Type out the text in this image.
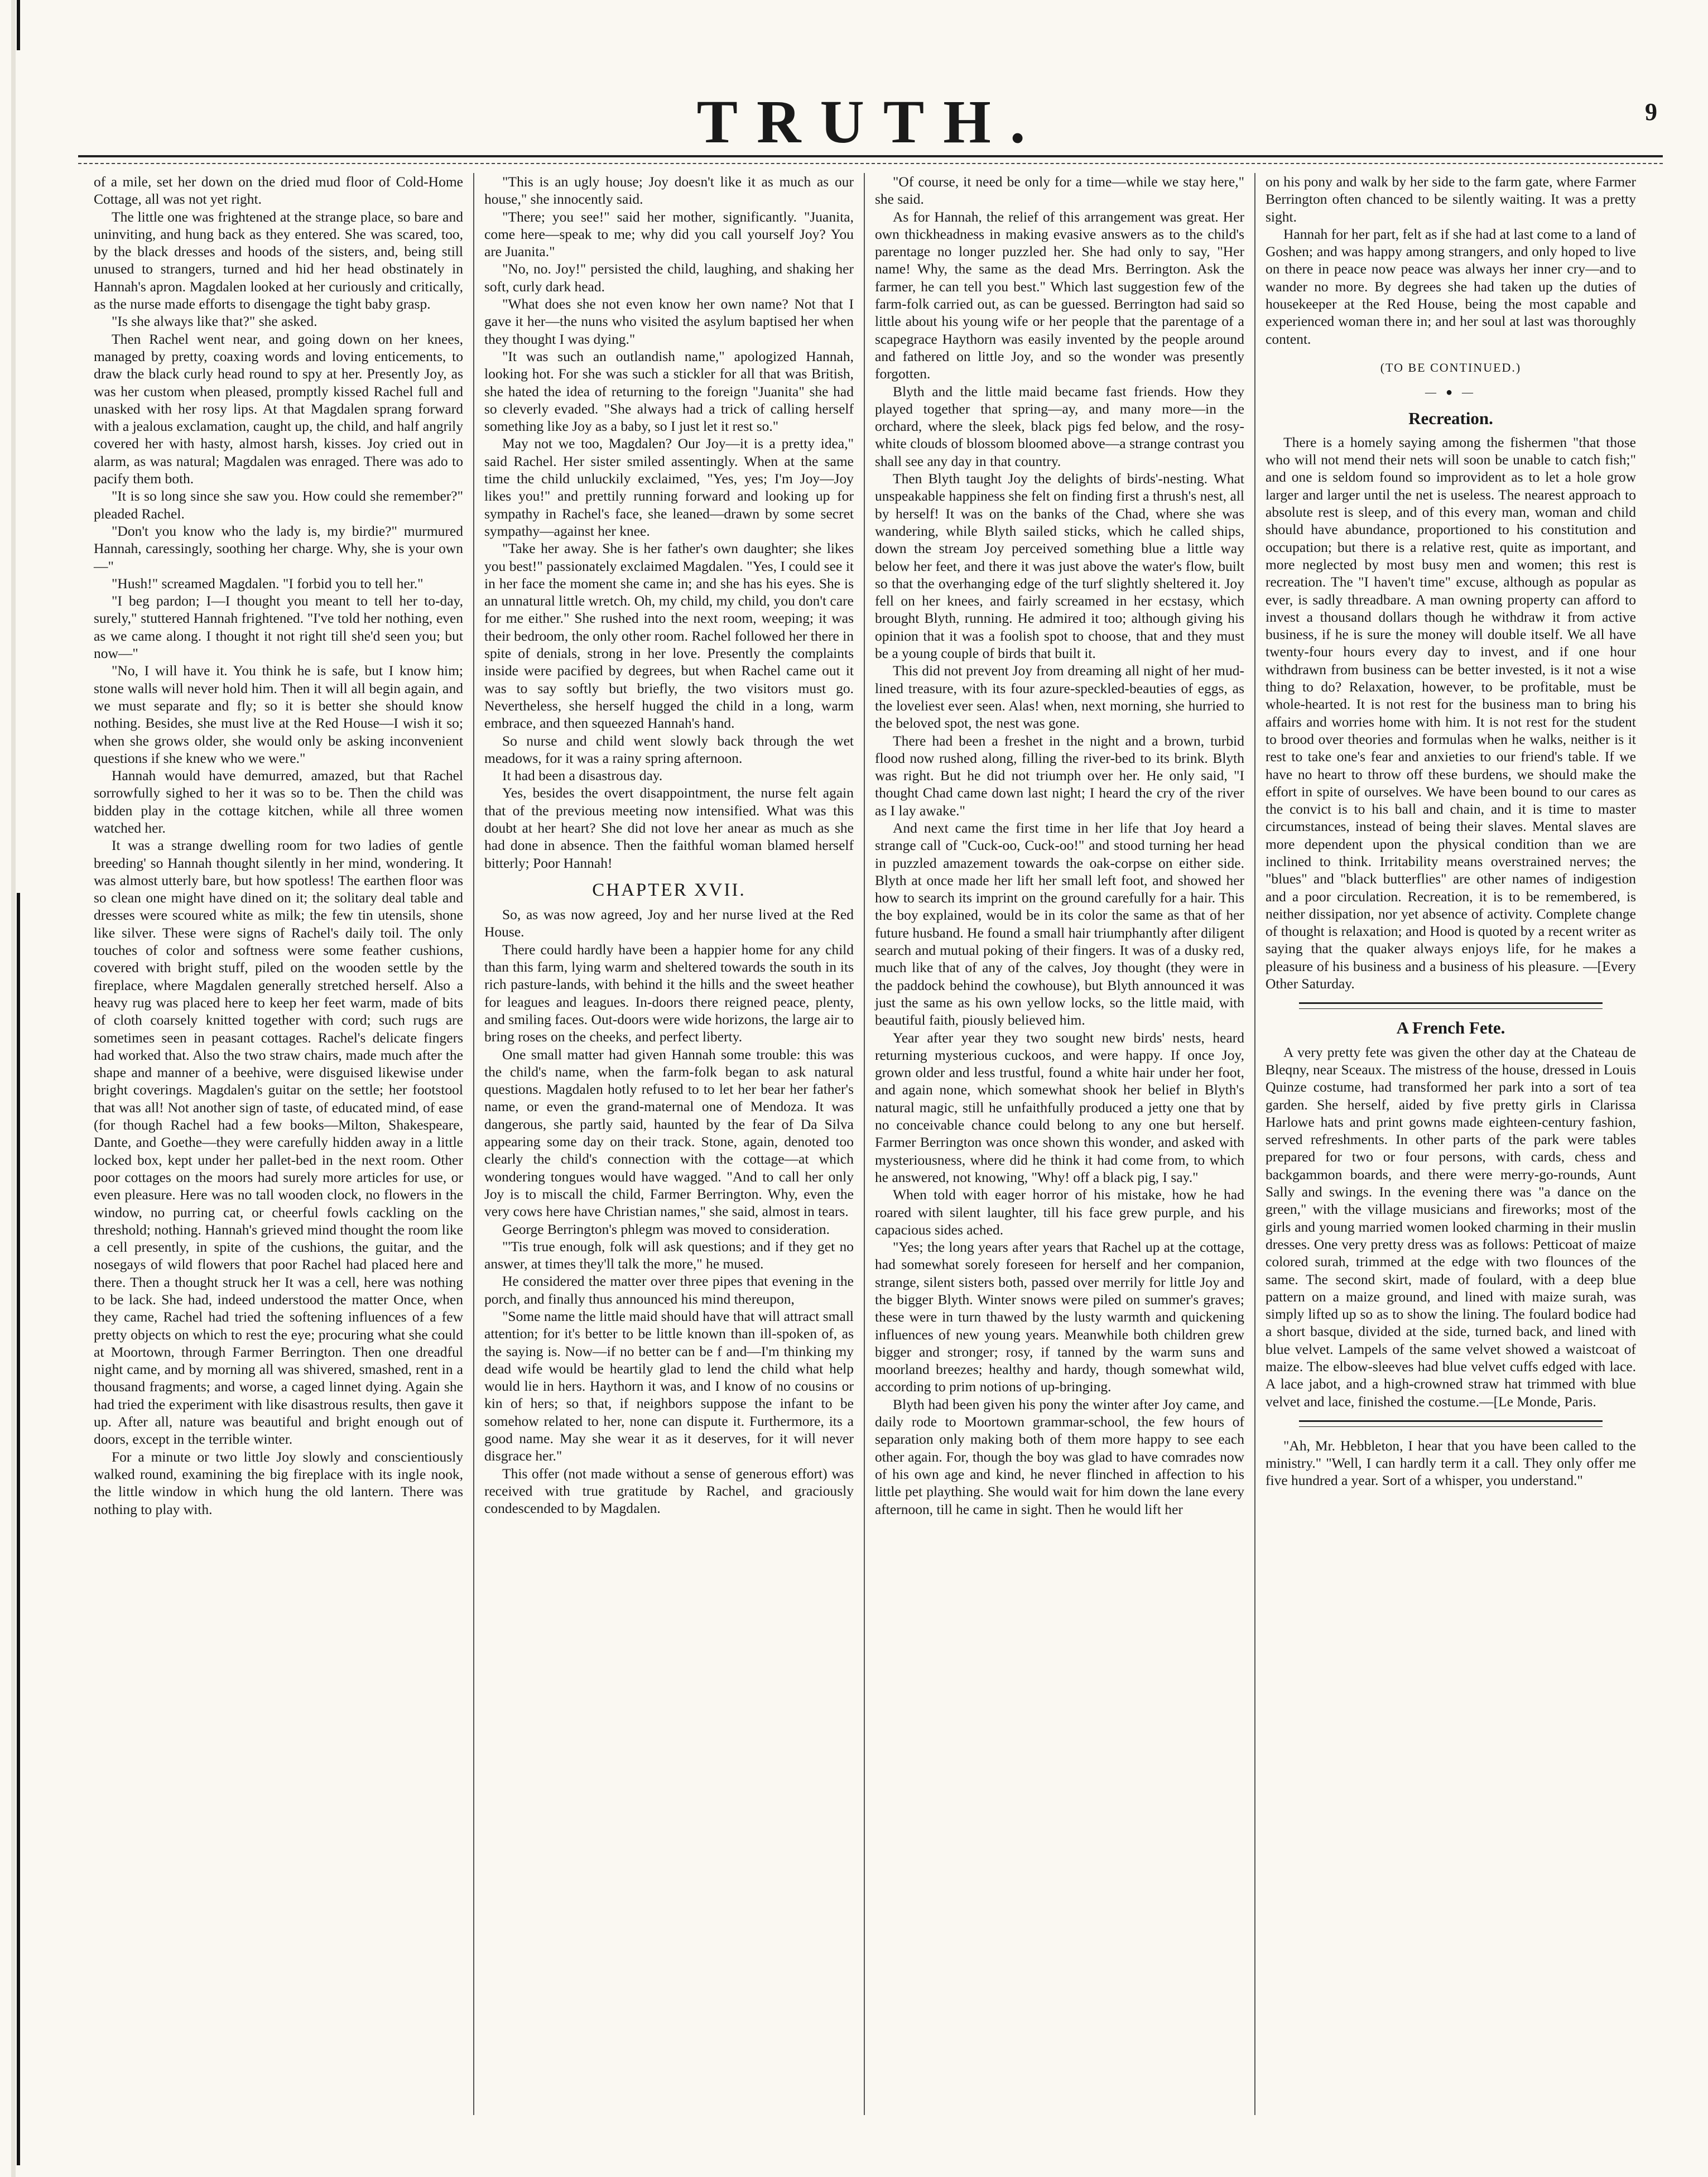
TRUTH.	9

of a mile, set her down on the dried mud floor of Cold-Home Cottage, all was not yet right.

The little one was frightened at the strange place, so bare and uninviting, and hung back as they entered. She was scared, too, by the black dresses and hoods of the sisters, and, being still unused to strangers, turned and hid her head obstinately in Hannah's apron. Magdalen looked at her curiously and critically, as the nurse made efforts to disengage the tight baby grasp.

"Is she always like that?" she asked.

Then Rachel went near, and going down on her knees, managed by pretty, coaxing words and loving enticements, to draw the black curly head round to spy at her. Presently Joy, as was her custom when pleased, promptly kissed Rachel full and unasked with her rosy lips. At that Magdalen sprang forward with a jealous exclamation, caught up, the child, and half angrily covered her with hasty, almost harsh, kisses. Joy cried out in alarm, as was natural; Magdalen was enraged. There was ado to pacify them both.

"It is so long since she saw you. How could she remember?" pleaded Rachel.

"Don't you know who the lady is, my birdie?" murmured Hannah, caressingly, soothing her charge. Why, she is your own—"

"Hush!" screamed Magdalen. "I forbid you to tell her."

"I beg pardon; I—I thought you meant to tell her to-day, surely," stuttered Hannah frightened. "I've told her nothing, even as we came along. I thought it not right till she'd seen you; but now—"

"No, I will have it. You think he is safe, but I know him; stone walls will never hold him. Then it will all begin again, and we must separate and fly; so it is better she should know nothing. Besides, she must live at the Red House—I wish it so; when she grows older, she would only be asking inconvenient questions if she knew who we were."

Hannah would have demurred, amazed, but that Rachel sorrowfully sighed to her it was so to be. Then the child was bidden play in the cottage kitchen, while all three women watched her.

It was a strange dwelling room for two ladies of gentle breeding' so Hannah thought silently in her mind, wondering. It was almost utterly bare, but how spotless! The earthen floor was so clean one might have dined on it; the solitary deal table and dresses were scoured white as milk; the few tin utensils, shone like silver. These were signs of Rachel's daily toil. The only touches of color and softness were some feather cushions, covered with bright stuff, piled on the wooden settle by the fireplace, where Magdalen generally stretched herself. Also a heavy rug was placed here to keep her feet warm, made of bits of cloth coarsely knitted together with cord; such rugs are sometimes seen in peasant cottages. Rachel's delicate fingers had worked that. Also the two straw chairs, made much after the shape and manner of a beehive, were disguised likewise under bright coverings. Magdalen's guitar on the settle; her footstool that was all! Not another sign of taste, of educated mind, of ease (for though Rachel had a few books—Milton, Shakespeare, Dante, and Goethe—they were carefully hidden away in a little locked box, kept under her pallet-bed in the next room. Other poor cottages on the moors had surely more articles for use, or even pleasure. Here was no tall wooden clock, no flowers in the window, no purring cat, or cheerful fowls cackling on the threshold; nothing. Hannah's grieved mind thought the room like a cell presently, in spite of the cushions, the guitar, and the nosegays of wild flowers that poor Rachel had placed here and there. Then a thought struck her It was a cell, here was nothing to be lack. She had, indeed understood the matter Once, when they came, Rachel had tried the softening influences of a few pretty objects on which to rest the eye; procuring what she could at Moortown, through Farmer Berrington. Then one dreadful night came, and by morning all was shivered, smashed, rent in a thousand fragments; and worse, a caged linnet dying. Again she had tried the experiment with like disastrous results, then gave it up. After all, nature was beautiful and bright enough out of doors, except in the terrible winter.

For a minute or two little Joy slowly and conscientiously walked round, examining the big fireplace with its ingle nook, the little window in which hung the old lantern. There was nothing to play with.

"This is an ugly house; Joy doesn't like it as much as our house," she innocently said.

"There; you see!" said her mother, significantly. "Juanita, come here—speak to me; why did you call yourself Joy? You are Juanita."

"No, no. Joy!" persisted the child, laughing, and shaking her soft, curly dark head.

"What does she not even know her own name? Not that I gave it her—the nuns who visited the asylum baptised her when they thought I was dying."

"It was such an outlandish name," apologized Hannah, looking hot. For she was such a stickler for all that was British, she hated the idea of returning to the foreign "Juanita" she had so cleverly evaded. "She always had a trick of calling herself something like Joy as a baby, so I just let it rest so."

May not we too, Magdalen? Our Joy—it is a pretty idea," said Rachel. Her sister smiled assentingly. When at the same time the child unluckily exclaimed, "Yes, yes; I'm Joy—Joy likes you!" and prettily running forward and looking up for sympathy in Rachel's face, she leaned—drawn by some secret sympathy—against her knee.

"Take her away. She is her father's own daughter; she likes you best!" passionately exclaimed Magdalen. "Yes, I could see it in her face the moment she came in; and she has his eyes. She is an unnatural little wretch. Oh, my child, my child, you don't care for me either." She rushed into the next room, weeping; it was their bedroom, the only other room. Rachel followed her there in spite of denials, strong in her love. Presently the complaints inside were pacified by degrees, but when Rachel came out it was to say softly but briefly, the two visitors must go. Nevertheless, she herself hugged the child in a long, warm embrace, and then squeezed Hannah's hand.

So nurse and child went slowly back through the wet meadows, for it was a rainy spring afternoon.

It had been a disastrous day.

Yes, besides the overt disappointment, the nurse felt again that of the previous meeting now intensified. What was this doubt at her heart? She did not love her anear as much as she had done in absence. Then the faithful woman blamed herself bitterly; Poor Hannah!

CHAPTER XVII.

So, as was now agreed, Joy and her nurse lived at the Red House.

There could hardly have been a happier home for any child than this farm, lying warm and sheltered towards the south in its rich pasture-lands, with behind it the hills and the sweet heather for leagues and leagues. In-doors there reigned peace, plenty, and smiling faces. Out-doors were wide horizons, the large air to bring roses on the cheeks, and perfect liberty.

One small matter had given Hannah some trouble: this was the child's name, when the farm-folk began to ask natural questions. Magdalen hotly refused to to let her bear her father's name, or even the grand-maternal one of Mendoza. It was dangerous, she partly said, haunted by the fear of Da Silva appearing some day on their track. Stone, again, denoted too clearly the child's connection with the cottage—at which wondering tongues would have wagged. "And to call her only Joy is to miscall the child, Farmer Berrington. Why, even the very cows here have Christian names," she said, almost in tears.

George Berrington's phlegm was moved to consideration.

"'Tis true enough, folk will ask questions; and if they get no answer, at times they'll talk the more," he mused.

He considered the matter over three pipes that evening in the porch, and finally thus announced his mind thereupon,

"Some name the little maid should have that will attract small attention; for it's better to be little known than ill-spoken of, as the saying is. Now—if no better can be f and—I'm thinking my dead wife would be heartily glad to lend the child what help would lie in hers. Haythorn it was, and I know of no cousins or kin of hers; so that, if neighbors suppose the infant to be somehow related to her, none can dispute it. Furthermore, its a good name. May she wear it as it deserves, for it will never disgrace her."

This offer (not made without a sense of generous effort) was received with true gratitude by Rachel, and graciously condescended to by Magdalen.

"Of course, it need be only for a time—while we stay here," she said.

As for Hannah, the relief of this arrangement was great. Her own thickheadness in making evasive answers as to the child's parentage no longer puzzled her. She had only to say, "Her name! Why, the same as the dead Mrs. Berrington. Ask the farmer, he can tell you best." Which last suggestion few of the farm-folk carried out, as can be guessed. Berrington had said so little about his young wife or her people that the parentage of a scapegrace Haythorn was easily invented by the people around and fathered on little Joy, and so the wonder was presently forgotten.

Blyth and the little maid became fast friends. How they played together that spring—ay, and many more—in the orchard, where the sleek, black pigs fed below, and the rosy-white clouds of blossom bloomed above—a strange contrast you shall see any day in that country.

Then Blyth taught Joy the delights of birds'-nesting. What unspeakable happiness she felt on finding first a thrush's nest, all by herself! It was on the banks of the Chad, where she was wandering, while Blyth sailed sticks, which he called ships, down the stream Joy perceived something blue a little way below her feet, and there it was just above the water's flow, built so that the overhanging edge of the turf slightly sheltered it. Joy fell on her knees, and fairly screamed in her ecstasy, which brought Blyth, running. He admired it too; although giving his opinion that it was a foolish spot to choose, that and they must be a young couple of birds that built it.

This did not prevent Joy from dreaming all night of her mud-lined treasure, with its four azure-speckled-beauties of eggs, as the loveliest ever seen. Alas! when, next morning, she hurried to the beloved spot, the nest was gone.

There had been a freshet in the night and a brown, turbid flood now rushed along, filling the river-bed to its brink. Blyth was right. But he did not triumph over her. He only said, "I thought Chad came down last night; I heard the cry of the river as I lay awake."

And next came the first time in her life that Joy heard a strange call of "Cuck-oo, Cuck-oo!" and stood turning her head in puzzled amazement towards the oak-corpse on either side. Blyth at once made her lift her small left foot, and showed her how to search its imprint on the ground carefully for a hair. This the boy explained, would be in its color the same as that of her future husband. He found a small hair triumphantly after diligent search and mutual poking of their fingers. It was of a dusky red, much like that of any of the calves, Joy thought (they were in the paddock behind the cowhouse), but Blyth announced it was just the same as his own yellow locks, so the little maid, with beautiful faith, piously believed him.

Year after year they two sought new birds' nests, heard returning mysterious cuckoos, and were happy. If once Joy, grown older and less trustful, found a white hair under her foot, and again none, which somewhat shook her belief in Blyth's natural magic, still he unfaithfully produced a jetty one that by no conceivable chance could belong to any one but herself. Farmer Berrington was once shown this wonder, and asked with mysteriousness, where did he think it had come from, to which he answered, not knowing, "Why! off a black pig, I say."

When told with eager horror of his mistake, how he had roared with silent laughter, till his face grew purple, and his capacious sides ached.

"Yes; the long years after years that Rachel up at the cottage, had somewhat sorely foreseen for herself and her companion, strange, silent sisters both, passed over merrily for little Joy and the bigger Blyth. Winter snows were piled on summer's graves; these were in turn thawed by the lusty warmth and quickening influences of new young years. Meanwhile both children grew bigger and stronger; rosy, if tanned by the warm suns and moorland breezes; healthy and hardy, though somewhat wild, according to prim notions of up-bringing.

Blyth had been given his pony the winter after Joy came, and daily rode to Moortown grammar-school, the few hours of separation only making both of them more happy to see each other again. For, though the boy was glad to have comrades now of his own age and kind, he never flinched in affection to his little pet plaything. She would wait for him down the lane every afternoon, till he came in sight. Then he would lift her

on his pony and walk by her side to the farm gate, where Farmer Berrington often chanced to be silently waiting. It was a pretty sight.

Hannah for her part, felt as if she had at last come to a land of Goshen; and was happy among strangers, and only hoped to live on there in peace now peace was always her inner cry—and to wander no more. By degrees she had taken up the duties of housekeeper at the Red House, being the most capable and experienced woman there in; and her soul at last was thoroughly content.

(TO BE CONTINUED.)
— ● —
Recreation.

There is a homely saying among the fishermen "that those who will not mend their nets will soon be unable to catch fish;" and one is seldom found so improvident as to let a hole grow larger and larger until the net is useless. The nearest approach to absolute rest is sleep, and of this every man, woman and child should have abundance, proportioned to his constitution and occupation; but there is a relative rest, quite as important, and more neglected by most busy men and women; this rest is recreation. The "I haven't time" excuse, although as popular as ever, is sadly threadbare. A man owning property can afford to invest a thousand dollars though he withdraw it from active business, if he is sure the money will double itself. We all have twenty-four hours every day to invest, and if one hour withdrawn from business can be better invested, is it not a wise thing to do? Relaxation, however, to be profitable, must be whole-hearted. It is not rest for the business man to bring his affairs and worries home with him. It is not rest for the student to brood over theories and formulas when he walks, neither is it rest to take one's fear and anxieties to our friend's table. If we have no heart to throw off these burdens, we should make the effort in spite of ourselves. We have been bound to our cares as the convict is to his ball and chain, and it is time to master circumstances, instead of being their slaves. Mental slaves are more dependent upon the physical condition than we are inclined to think. Irritability means overstrained nerves; the "blues" and "black butterflies" are other names of indigestion and a poor circulation. Recreation, it is to be remembered, is neither dissipation, nor yet absence of activity. Complete change of thought is relaxation; and Hood is quoted by a recent writer as saying that the quaker always enjoys life, for he makes a pleasure of his business and a business of his pleasure. —[Every Other Saturday.

A French Fete.

A very pretty fete was given the other day at the Chateau de Bleqny, near Sceaux. The mistress of the house, dressed in Louis Quinze costume, had transformed her park into a sort of tea garden. She herself, aided by five pretty girls in Clarissa Harlowe hats and print gowns made eighteen-century fashion, served refreshments. In other parts of the park were tables prepared for two or four persons, with cards, chess and backgammon boards, and there were merry-go-rounds, Aunt Sally and swings. In the evening there was "a dance on the green," with the village musicians and fireworks; most of the girls and young married women looked charming in their muslin dresses. One very pretty dress was as follows: Petticoat of maize colored surah, trimmed at the edge with two flounces of the same. The second skirt, made of foulard, with a deep blue pattern on a maize ground, and lined with maize surah, was simply lifted up so as to show the lining. The foulard bodice had a short basque, divided at the side, turned back, and lined with blue velvet. Lampels of the same velvet showed a waistcoat of maize. The elbow-sleeves had blue velvet cuffs edged with lace. A lace jabot, and a high-crowned straw hat trimmed with blue velvet and lace, finished the costume.—[Le Monde, Paris.

"Ah, Mr. Hebbleton, I hear that you have been called to the ministry." "Well, I can hardly term it a call. They only offer me five hundred a year. Sort of a whisper, you understand."
